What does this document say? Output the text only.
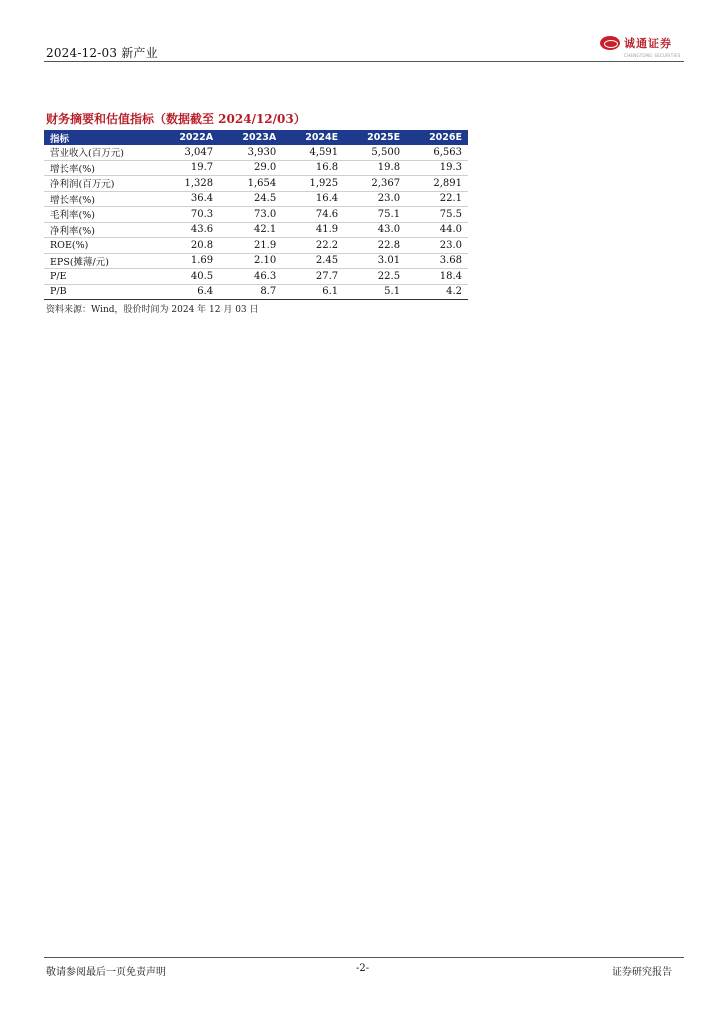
2024-12-03 新产业
诚通证券
CHENGTONG SECURITIES
财务摘要和估值指标（数据截至 2024/12/03）
指标	2022A	2023A	2024E	2025E	2026E
营业收入(百万元)	3,047	3,930	4,591	5,500	6,563
增长率(%)	19.7	29.0	16.8	19.8	19.3
净利润(百万元)	1,328	1,654	1,925	2,367	2,891
增长率(%)	36.4	24.5	16.4	23.0	22.1
毛利率(%)	70.3	73.0	74.6	75.1	75.5
净利率(%)	43.6	42.1	41.9	43.0	44.0
ROE(%)	20.8	21.9	22.2	22.8	23.0
EPS(摊薄/元)	1.69	2.10	2.45	3.01	3.68
P/E	40.5	46.3	27.7	22.5	18.4
P/B	6.4	8.7	6.1	5.1	4.2
资料来源：Wind，股价时间为 2024 年 12 月 03 日
敬请参阅最后一页免责声明	-2-	证券研究报告
